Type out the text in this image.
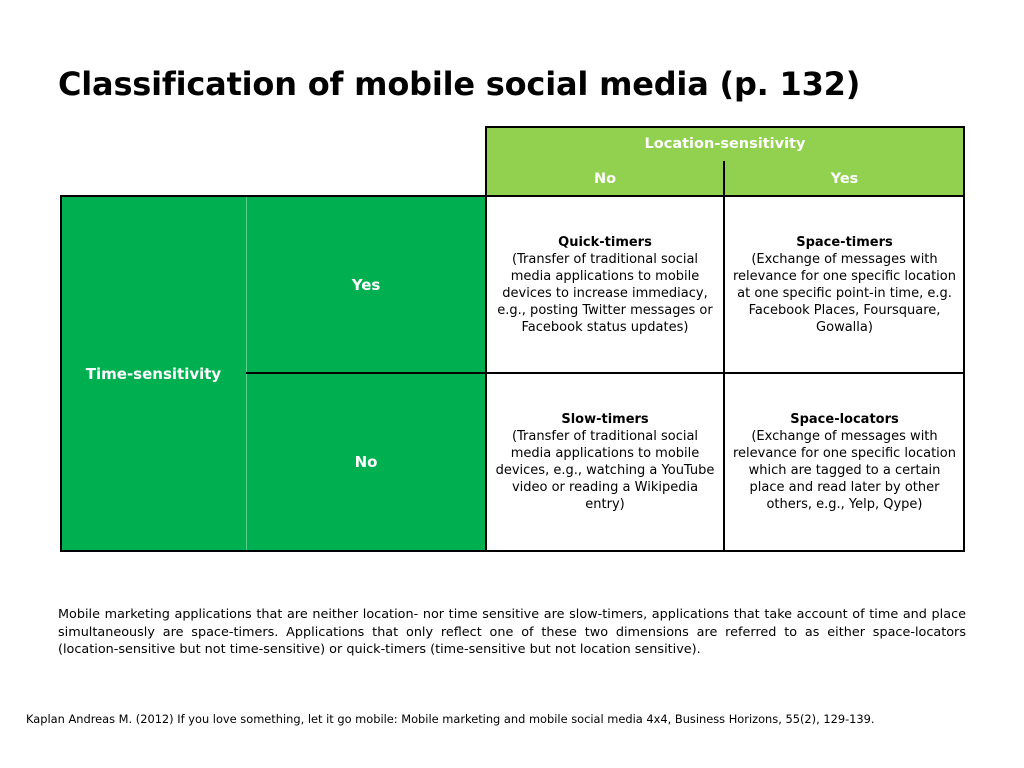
Classification of mobile social media (p. 132)
Location-sensitivity
No	Yes
Time-sensitivity
Yes
No
Quick-timers
(Transfer of traditional social media applications to mobile devices to increase immediacy, e.g., posting Twitter messages or Facebook status updates)
Space-timers
(Exchange of messages with relevance for one specific location at one specific point-in time, e.g. Facebook Places, Foursquare, Gowalla)
Slow-timers
(Transfer of traditional social media applications to mobile devices, e.g., watching a YouTube video or reading a Wikipedia entry)
Space-locators
(Exchange of messages with relevance for one specific location which are tagged to a certain place and read later by other others, e.g., Yelp, Qype)

Mobile marketing applications that are neither location- nor time sensitive are slow-timers, applications that take account of time and place simultaneously are space-timers. Applications that only reflect one of these two dimensions are referred to as either space-locators (location-sensitive but not time-sensitive) or quick-timers (time-sensitive but not location sensitive).

Kaplan Andreas M. (2012) If you love something, let it go mobile: Mobile marketing and mobile social media 4x4, Business Horizons, 55(2), 129-139.
